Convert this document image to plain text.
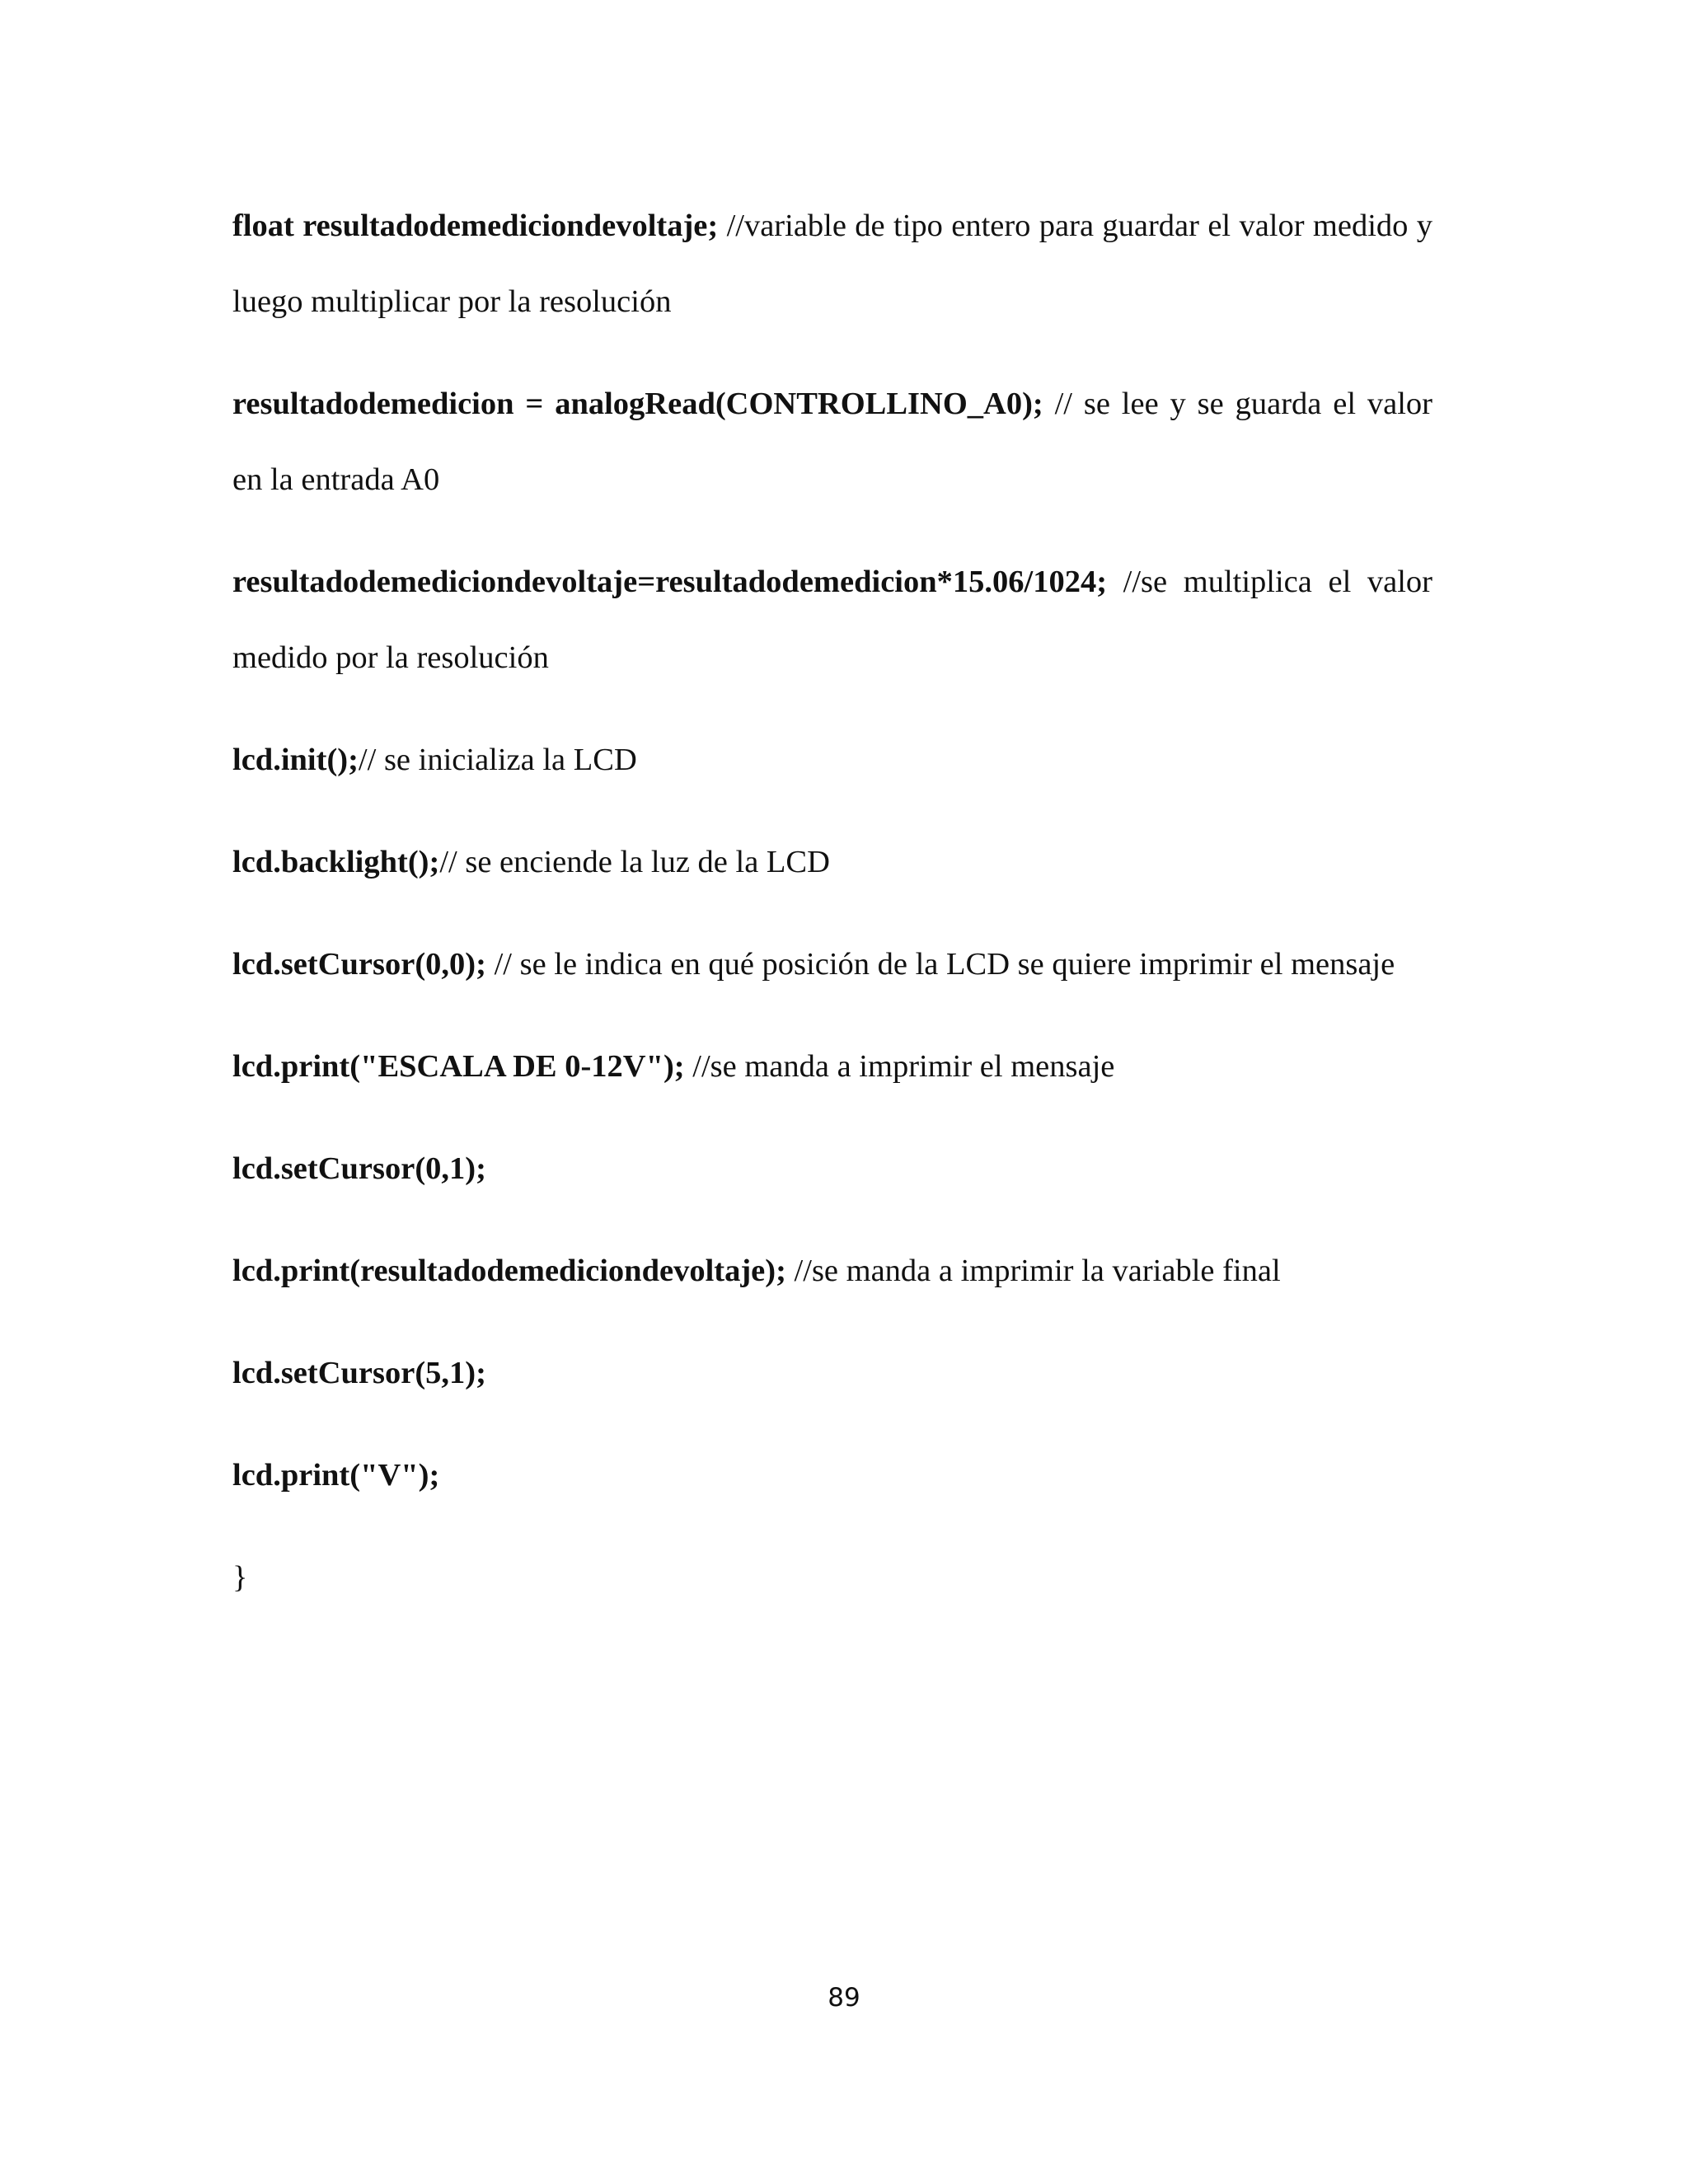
float resultadodemediciondevoltaje; //variable de tipo entero para guardar el valor medido y luego multiplicar por la resolución

resultadodemedicion = analogRead(CONTROLLINO_A0); // se lee y se guarda el valor en la entrada A0

resultadodemediciondevoltaje=resultadodemedicion*15.06/1024; //se multiplica el valor medido por la resolución

lcd.init();// se inicializa la LCD

lcd.backlight();// se enciende la luz de la LCD

lcd.setCursor(0,0); // se le indica en qué posición de la LCD se quiere imprimir el mensaje

lcd.print("ESCALA DE 0-12V"); //se manda a imprimir el mensaje

lcd.setCursor(0,1);

lcd.print(resultadodemediciondevoltaje); //se manda a imprimir la variable final

lcd.setCursor(5,1);

lcd.print("V");

}

89
